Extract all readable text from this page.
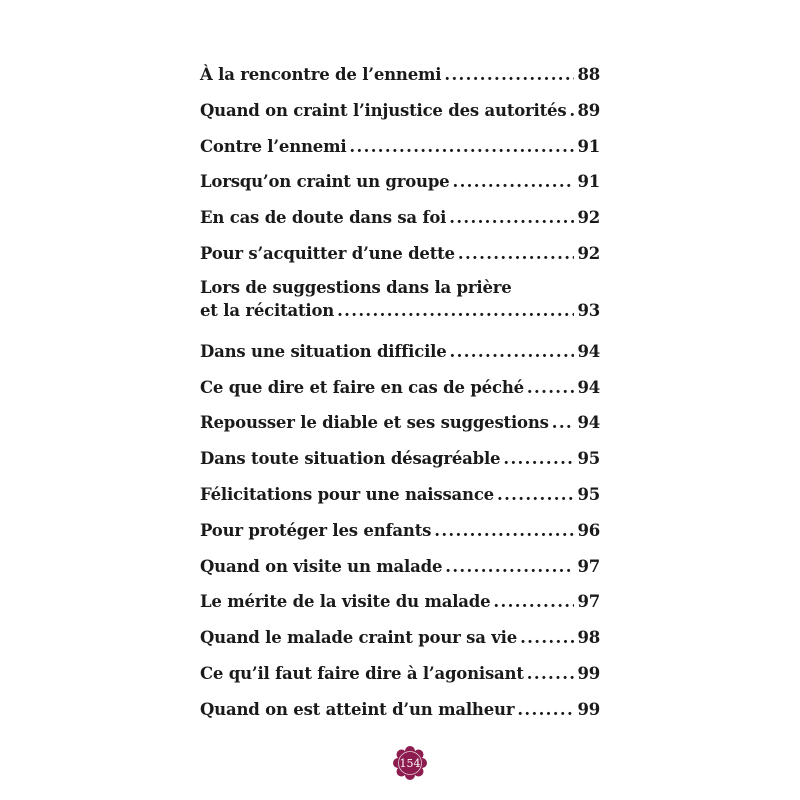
À la rencontre de l’ennemi . . .	88
Quand on craint l’injustice des autorités . . . 89
Contre l’ennemi . . .	91
Lorsqu’on craint un groupe . . .	91
En cas de doute dans sa foi . . .	92
Pour s’acquitter d’une dette . . .	92
Lors de suggestions dans la prière
et la récitation . . .	93
Dans une situation difficile . . .	94
Ce que dire et faire en cas de péché . . .	94
Repousser le diable et ses suggestions . . . 94
Dans toute situation désagréable . . .	95
Félicitations pour une naissance . . .	95
Pour protéger les enfants . . .	96
Quand on visite un malade . . .	97
Le mérite de la visite du malade . . .	97
Quand le malade craint pour sa vie . . .	98
Ce qu’il faut faire dire à l’agonisant . . .	99
Quand on est atteint d’un malheur . . .	99
154
